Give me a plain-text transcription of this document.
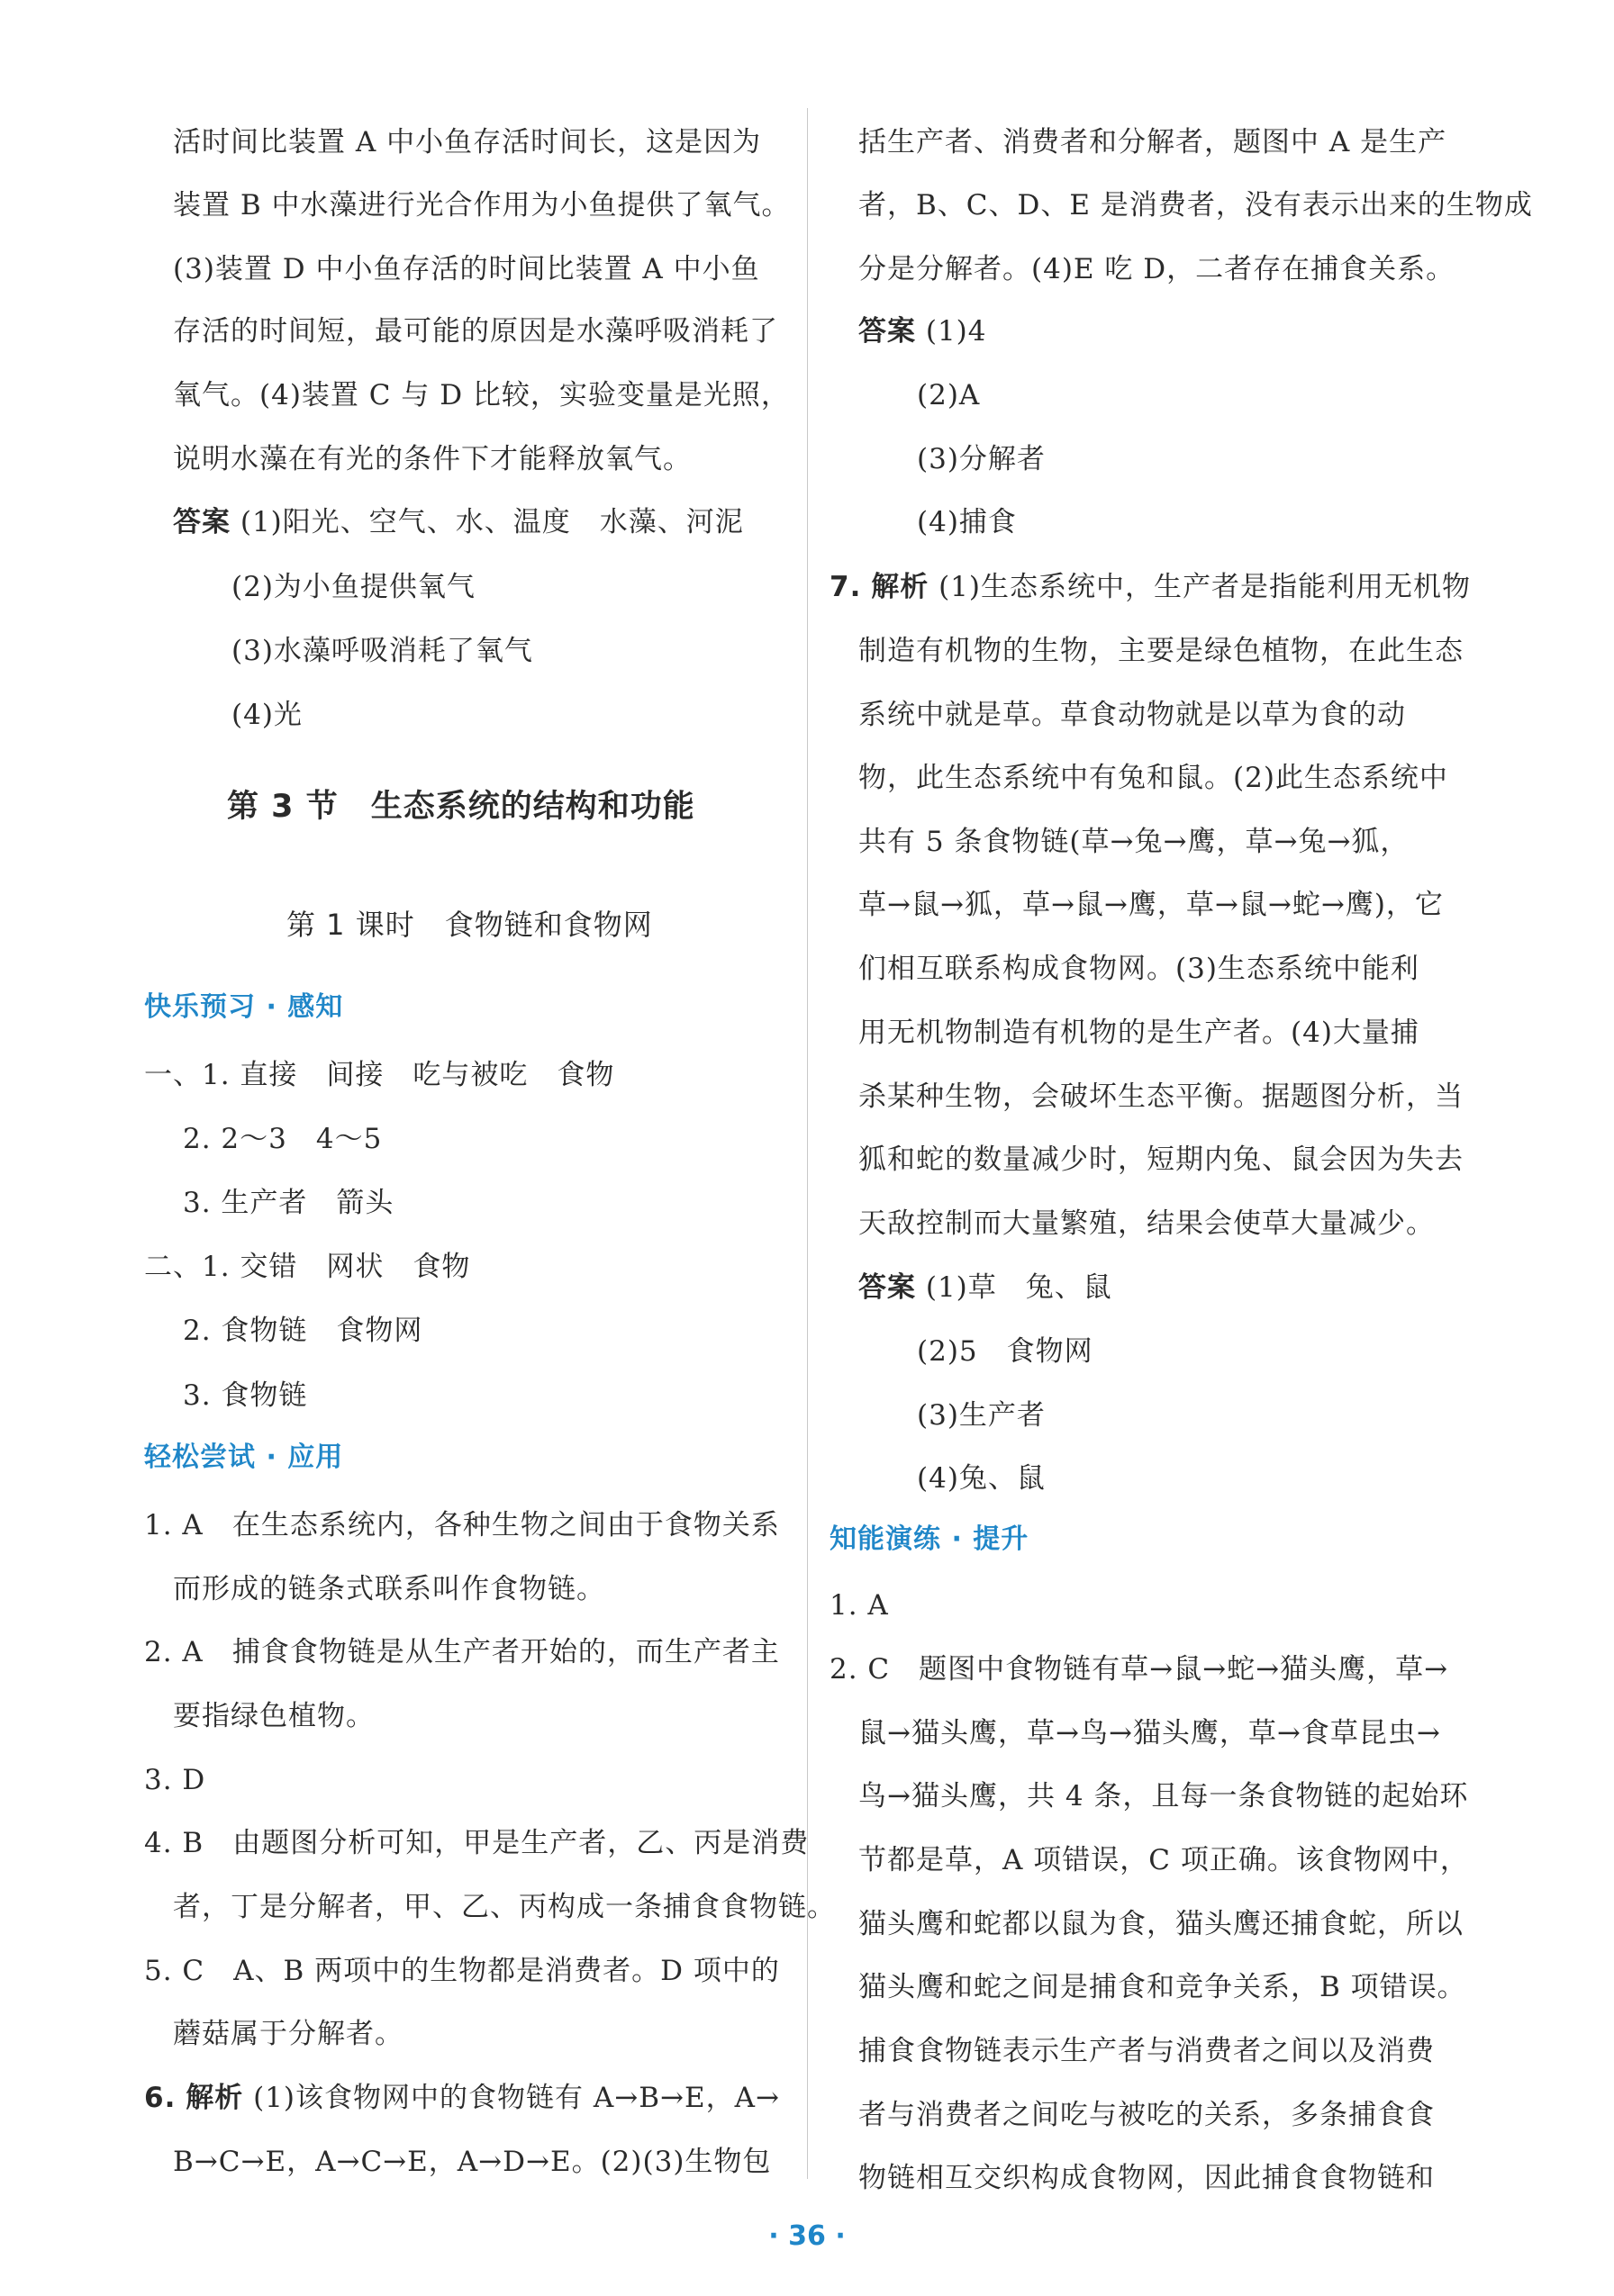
活时间比装置 A 中小鱼存活时间长，这是因为
装置 B 中水藻进行光合作用为小鱼提供了氧气。
(3)装置 D 中小鱼存活的时间比装置 A 中小鱼
存活的时间短，最可能的原因是水藻呼吸消耗了
氧气。(4)装置 C 与 D 比较，实验变量是光照，
说明水藻在有光的条件下才能释放氧气。
答案 (1)阳光、空气、水、温度　水藻、河泥
(2)为小鱼提供氧气
(3)水藻呼吸消耗了氧气
(4)光
第 3 节　生态系统的结构和功能
第 1 课时　食物链和食物网
快乐预习 · 感知
一、1. 直接　间接　吃与被吃　食物
2. 2～3　4～5
3. 生产者　箭头
二、1. 交错　网状　食物
2. 食物链　食物网
3. 食物链
轻松尝试 · 应用
1. A　在生态系统内，各种生物之间由于食物关系
而形成的链条式联系叫作食物链。
2. A　捕食食物链是从生产者开始的，而生产者主
要指绿色植物。
3. D
4. B　由题图分析可知，甲是生产者，乙、丙是消费
者，丁是分解者，甲、乙、丙构成一条捕食食物链。
5. C　A、B 两项中的生物都是消费者。D 项中的
蘑菇属于分解者。
6. 解析 (1)该食物网中的食物链有 A→B→E，A→
B→C→E，A→C→E，A→D→E。(2)(3)生物包
括生产者、消费者和分解者，题图中 A 是生产
者，B、C、D、E 是消费者，没有表示出来的生物成
分是分解者。(4)E 吃 D，二者存在捕食关系。
答案 (1)4
(2)A
(3)分解者
(4)捕食
7. 解析 (1)生态系统中，生产者是指能利用无机物
制造有机物的生物，主要是绿色植物，在此生态
系统中就是草。草食动物就是以草为食的动
物，此生态系统中有兔和鼠。(2)此生态系统中
共有 5 条食物链(草→兔→鹰，草→兔→狐，
草→鼠→狐，草→鼠→鹰，草→鼠→蛇→鹰)，它
们相互联系构成食物网。(3)生态系统中能利
用无机物制造有机物的是生产者。(4)大量捕
杀某种生物，会破坏生态平衡。据题图分析，当
狐和蛇的数量减少时，短期内兔、鼠会因为失去
天敌控制而大量繁殖，结果会使草大量减少。
答案 (1)草　兔、鼠
(2)5　食物网
(3)生产者
(4)兔、鼠
知能演练 · 提升
1. A
2. C　题图中食物链有草→鼠→蛇→猫头鹰，草→
鼠→猫头鹰，草→鸟→猫头鹰，草→食草昆虫→
鸟→猫头鹰，共 4 条，且每一条食物链的起始环
节都是草，A 项错误，C 项正确。该食物网中，
猫头鹰和蛇都以鼠为食，猫头鹰还捕食蛇，所以
猫头鹰和蛇之间是捕食和竞争关系，B 项错误。
捕食食物链表示生产者与消费者之间以及消费
者与消费者之间吃与被吃的关系，多条捕食食
物链相互交织构成食物网，因此捕食食物链和
· 36 ·
